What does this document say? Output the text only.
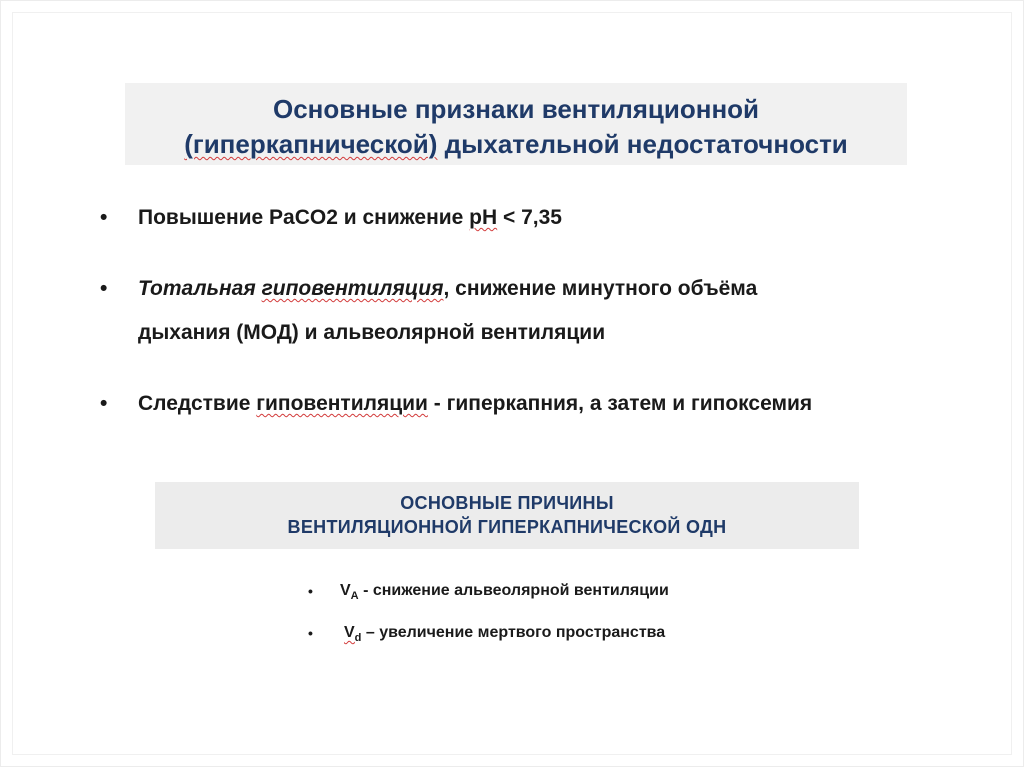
Основные признаки вентиляционной
(гиперкапнической) дыхательной недостаточности
• Повышение PaCO2 и снижение pH < 7,35
• Тотальная гиповентиляция, снижение минутного объёма
дыхания (МОД) и альвеолярной вентиляции
• Следствие гиповентиляции - гиперкапния, а затем и гипоксемия
ОСНОВНЫЕ ПРИЧИНЫ
ВЕНТИЛЯЦИОННОЙ ГИПЕРКАПНИЧЕСКОЙ ОДН
• $V_A$ - снижение альвеолярной вентиляции
• $V_d$ – увеличение мертвого пространства
